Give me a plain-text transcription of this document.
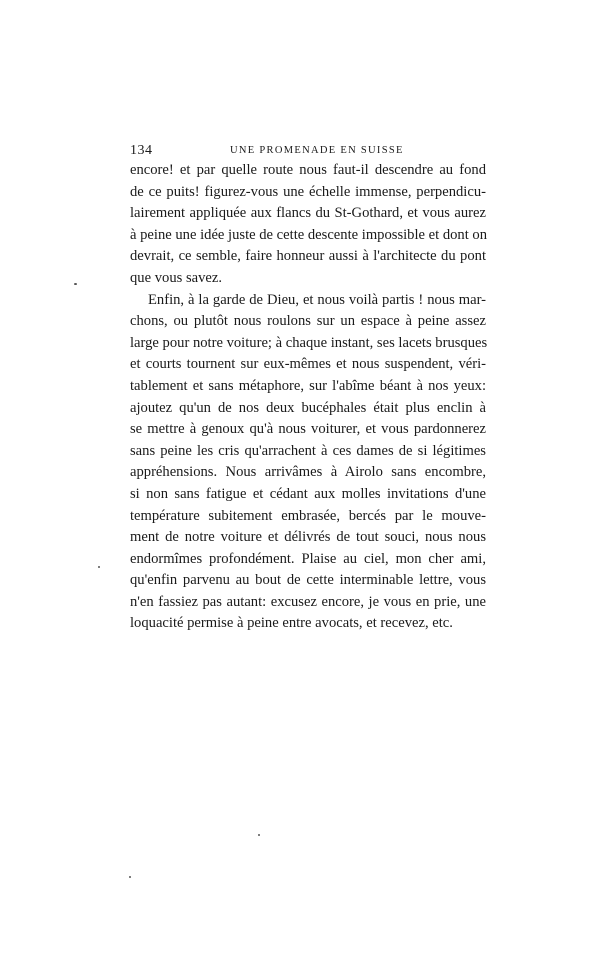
134	UNE PROMENADE EN SUISSE
encore! et par quelle route nous faut-il descendre au fond
de ce puits! figurez-vous une échelle immense, perpendicu-
lairement appliquée aux flancs du St-Gothard, et vous aurez
à peine une idée juste de cette descente impossible et dont on
devrait, ce semble, faire honneur aussi à l'architecte du pont
que vous savez.
Enfin, à la garde de Dieu, et nous voilà partis ! nous mar-
chons, ou plutôt nous roulons sur un espace à peine assez
large pour notre voiture; à chaque instant, ses lacets brusques
et courts tournent sur eux-mêmes et nous suspendent, véri-
tablement et sans métaphore, sur l'abîme béant à nos yeux:
ajoutez qu'un de nos deux bucéphales était plus enclin à
se mettre à genoux qu'à nous voiturer, et vous pardonnerez
sans peine les cris qu'arrachent à ces dames de si légitimes
appréhensions. Nous arrivâmes à Airolo sans encombre,
si non sans fatigue et cédant aux molles invitations d'une
température subitement embrasée, bercés par le mouve-
ment de notre voiture et délivrés de tout souci, nous nous
endormîmes profondément. Plaise au ciel, mon cher ami,
qu'enfin parvenu au bout de cette interminable lettre, vous
n'en fassiez pas autant: excusez encore, je vous en prie, une
loquacité permise à peine entre avocats, et recevez, etc.
